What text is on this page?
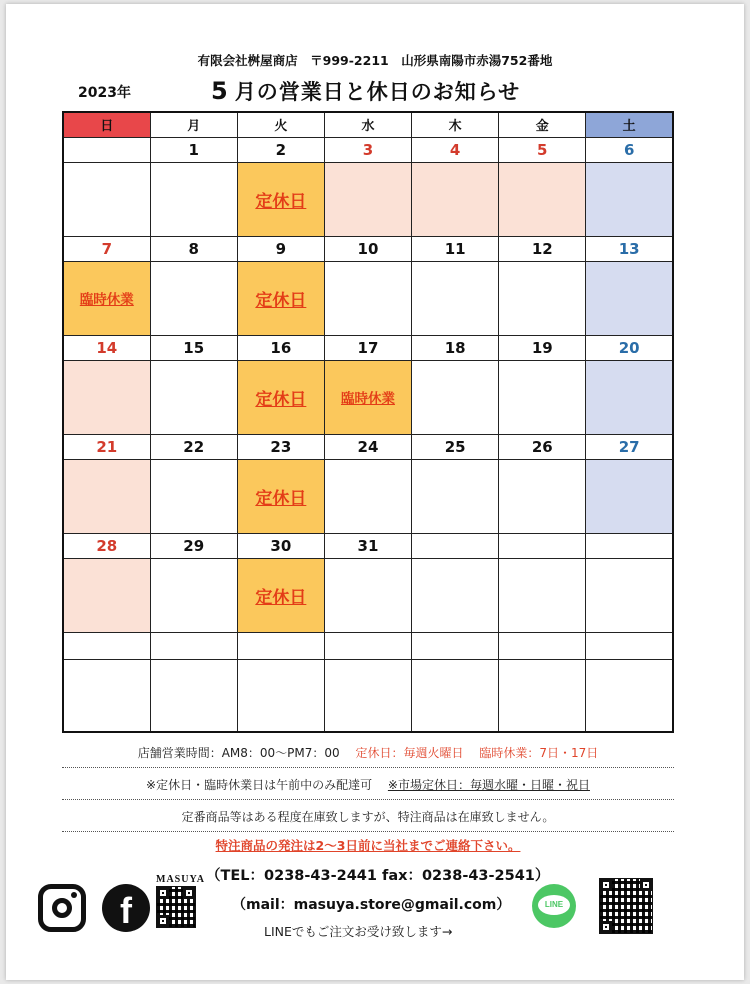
有限会社桝屋商店　〒999-2211　山形県南陽市赤湯752番地
2023年	5 月の営業日と休日のお知らせ
日	月	火	水	木	金	土
	1	2	3	4	5	6
		定休日				
7	8	9	10	11	12	13
臨時休業		定休日				
14	15	16	17	18	19	20
		定休日	臨時休業			
21	22	23	24	25	26	27
		定休日				
28	29	30	31			
		定休日				

店舗営業時間：AM8：00〜PM7：00　 定休日：毎週火曜日　 臨時休業：7日・17日
※定休日・臨時休業日は午前中のみ配達可　 ※市場定休日：毎週水曜・日曜・祝日
定番商品等はある程度在庫致しますが、特注商品は在庫致しません。
特注商品の発注は2〜3日前に当社までご連絡下さい。
f
MASUYA （TEL：0238-43-2441 fax：0238-43-2541）
（mail：masuya.store@gmail.com）
LINEでもご注文お受け致します→
LINE
